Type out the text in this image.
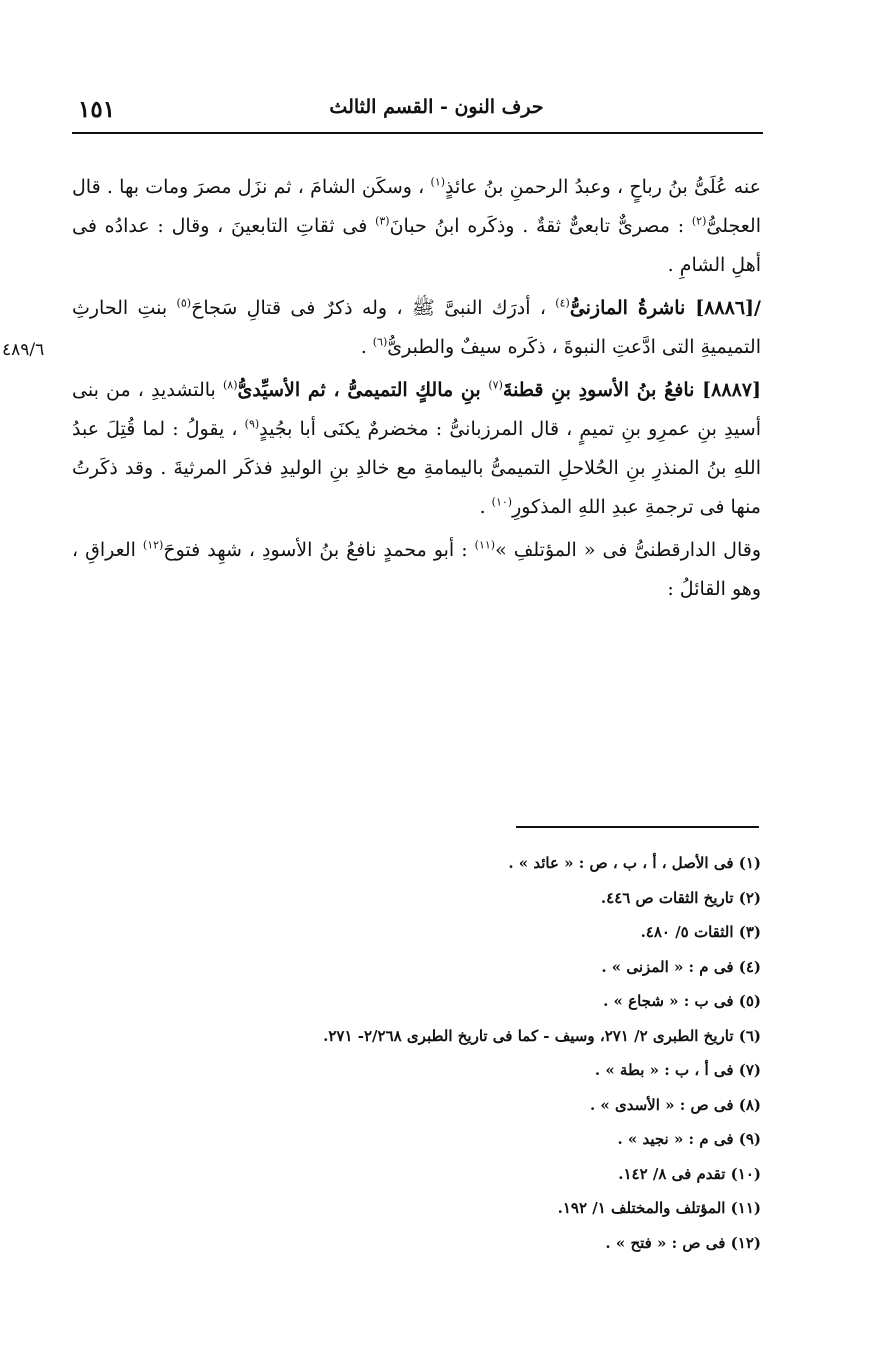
١٥١	حرف النون - القسم الثالث
٤٨٩/٦

عنه عُلَىُّ بنُ رباحٍ ، وعبدُ الرحمنِ بنُ عائذٍ$^{(١)}$ ، وسكَن الشامَ ، ثم نزَل مصرَ ومات بها . قال العجلىُّ$^{(٢)}$ : مصرىٌّ تابعىٌّ ثقةٌ . وذكَره ابنُ حبانَ$^{(٣)}$ فى ثقاتِ التابعينَ ، وقال : عدادُه فى أهلِ الشامِ .

/[٨٨٨٦] ناشرةُ المازنىُّ$^{(٤)}$ ، أدرَك النبىَّ ﷺ ، وله ذكرٌ فى قتالِ سَجاحَ$^{(٥)}$ بنتِ الحارثِ التميميةِ التى ادَّعتِ النبوةَ ، ذكَره سيفٌ والطبرىُّ$^{(٦)}$ .

[٨٨٨٧] نافعُ بنُ الأسودِ بنِ قطنةَ$^{(٧)}$ بنِ مالكٍ التميمىُّ ، ثم الأسيِّدىُّ$^{(٨)}$ بالتشديدِ ، من بنى أسيدِ بنِ عمرِو بنِ تميمٍ ، قال المرزبانىُّ : مخضرمٌ يكنَى أبا بجُيدٍ$^{(٩)}$ ، يقولُ : لما قُتِلَ عبدُ اللهِ بنُ المنذرِ بنِ الحُلاحلِ التميمىُّ باليمامةِ مع خالدِ بنِ الوليدِ فذكَر المرثيةَ . وقد ذكَرتُ منها فى ترجمةِ عبدِ اللهِ المذكورِ$^{(١٠)}$ .

وقال الدارقطنىُّ فى « المؤتلفِ »$^{(١١)}$ : أبو محمدٍ نافعُ بنُ الأسودِ ، شهِد فتوحَ$^{(١٢)}$ العراقِ ، وهو القائلُ :

(١) فى الأصل ، أ ، ب ، ص : « عائد » .
(٢) تاريخ الثقات ص ٤٤٦.
(٣) الثقات ٥/ ٤٨٠.
(٤) فى م : « المزنى » .
(٥) فى ب : « شجاع » .
(٦) تاريخ الطبرى ٢/ ٢٧١، وسيف - كما فى تاريخ الطبرى ٢/٢٦٨- ٢٧١.
(٧) فى أ ، ب : « بطة » .
(٨) فى ص : « الأسدى » .
(٩) فى م : « نجيد » .
(١٠) تقدم فى ٨/ ١٤٢.
(١١) المؤتلف والمختلف ١/ ١٩٢.
(١٢) فى ص : « فتح » .
